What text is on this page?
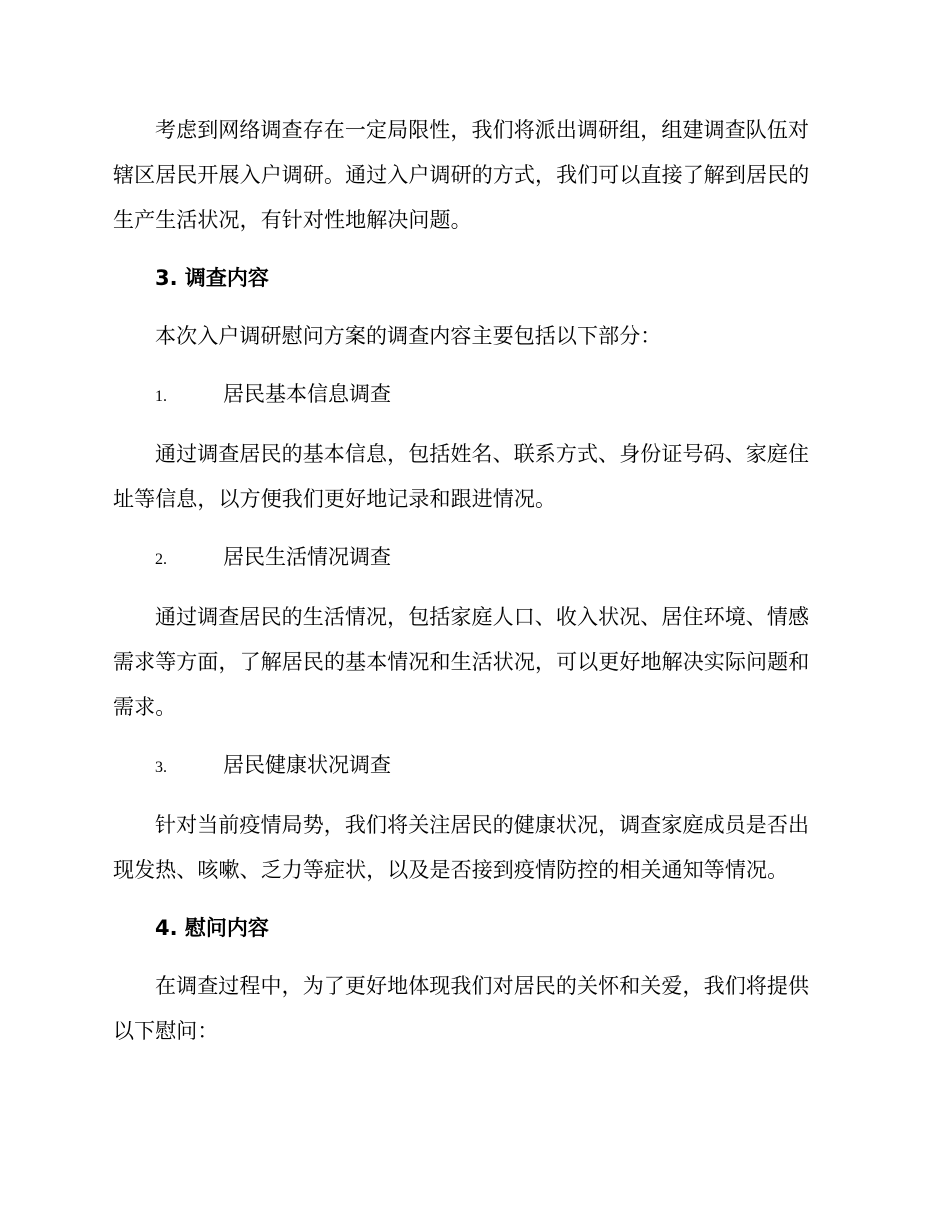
考虑到网络调查存在一定局限性，我们将派出调研组，组建调查队伍对辖区居民开展入户调研。通过入户调研的方式，我们可以直接了解到居民的生产生活状况，有针对性地解决问题。

3. 调查内容

本次入户调研慰问方案的调查内容主要包括以下部分：

1.	居民基本信息调查

通过调查居民的基本信息，包括姓名、联系方式、身份证号码、家庭住址等信息，以方便我们更好地记录和跟进情况。

2.	居民生活情况调查

通过调查居民的生活情况，包括家庭人口、收入状况、居住环境、情感需求等方面，了解居民的基本情况和生活状况，可以更好地解决实际问题和需求。

3.	居民健康状况调查

针对当前疫情局势，我们将关注居民的健康状况，调查家庭成员是否出现发热、咳嗽、乏力等症状，以及是否接到疫情防控的相关通知等情况。

4. 慰问内容

在调查过程中，为了更好地体现我们对居民的关怀和关爱，我们将提供以下慰问：
